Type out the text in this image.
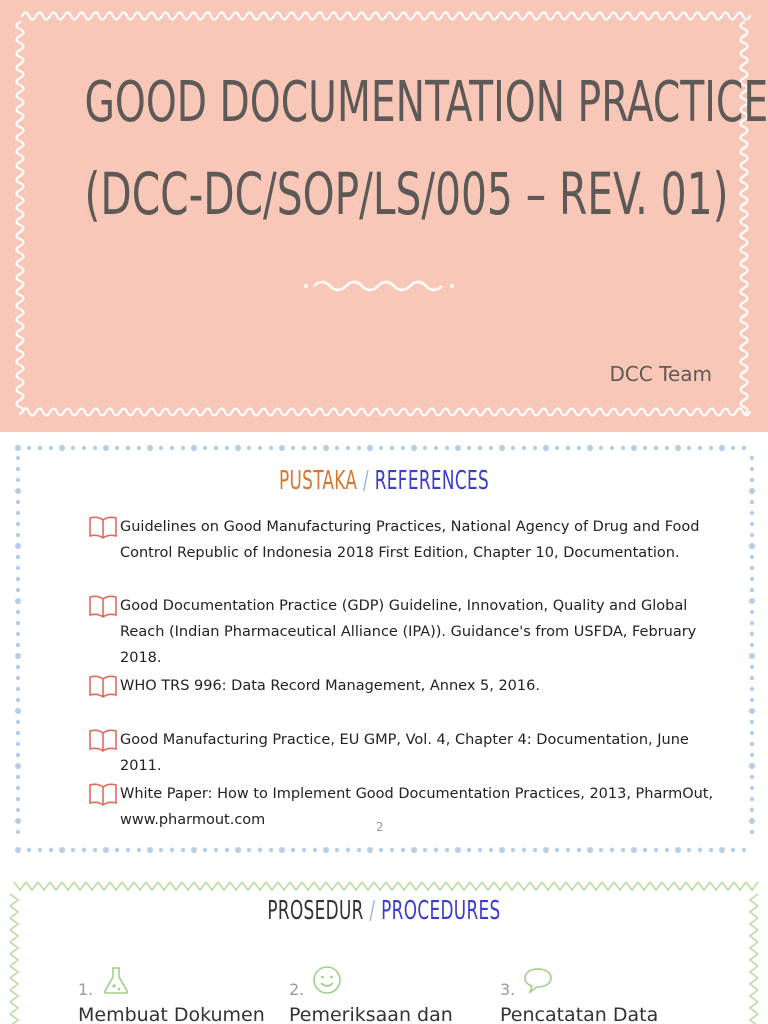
GOOD DOCUMENTATION PRACTICE
(DCC-DC/SOP/LS/005 – REV. 01)
DCC Team
PUSTAKA / REFERENCES
Guidelines on Good Manufacturing Practices, National Agency of Drug and Food Control Republic of Indonesia 2018 First Edition, Chapter 10, Documentation.
Good Documentation Practice (GDP) Guideline, Innovation, Quality and Global Reach (Indian Pharmaceutical Alliance (IPA)). Guidance's from USFDA, February 2018.
WHO TRS 996: Data Record Management, Annex 5, 2016.
Good Manufacturing Practice, EU GMP, Vol. 4, Chapter 4: Documentation, June 2011.
White Paper: How to Implement Good Documentation Practices, 2013, PharmOut, www.pharmout.com	2
PROSEDUR / PROCEDURES
1.
Membuat Dokumen
2.
Pemeriksaan dan
3.
Pencatatan Data
